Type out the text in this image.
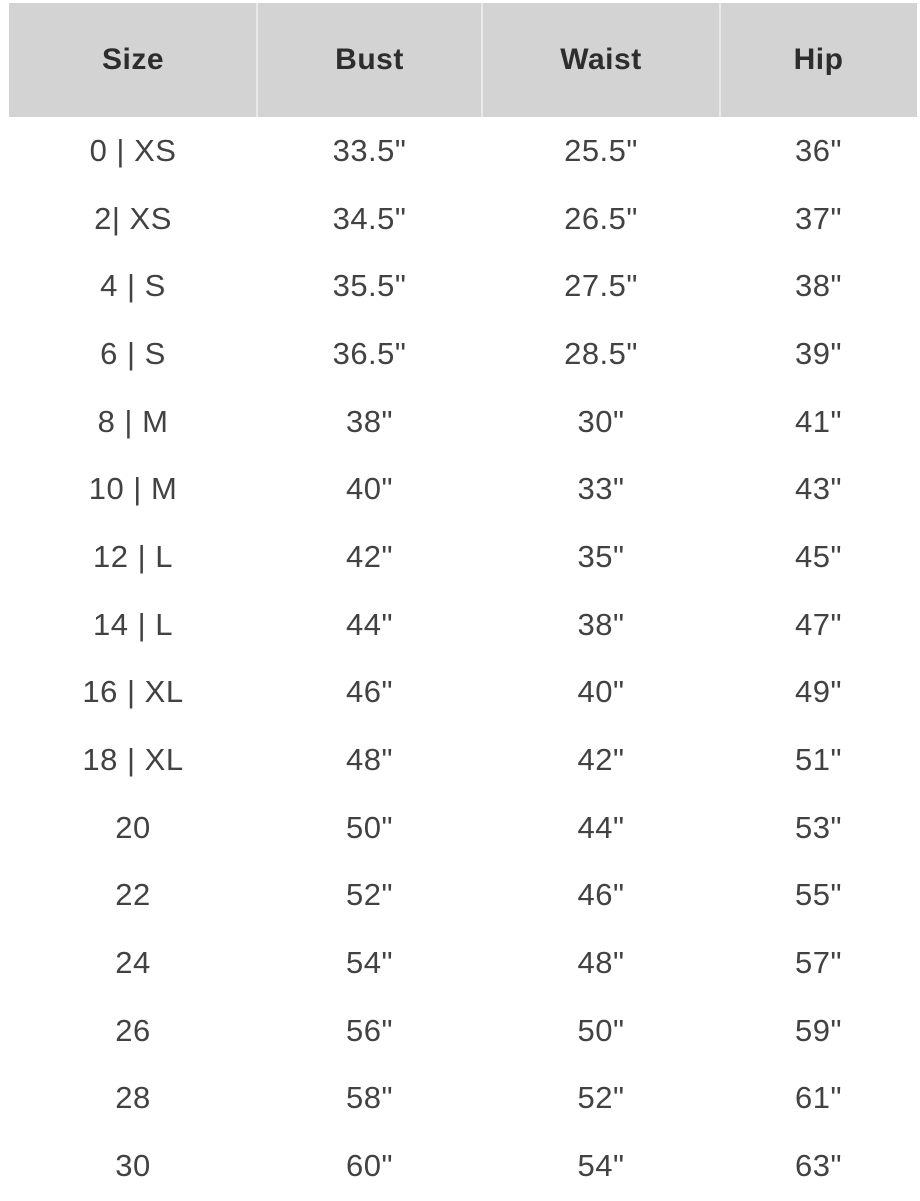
Size	Bust	Waist	Hip
0 | XS	33.5"	25.5"	36"
2| XS	34.5"	26.5"	37"
4 | S	35.5"	27.5"	38"
6 | S	36.5"	28.5"	39"
8 | M	38"	30"	41"
10 | M	40"	33"	43"
12 | L	42"	35"	45"
14 | L	44"	38"	47"
16 | XL	46"	40"	49"
18 | XL	48"	42"	51"
20	50"	44"	53"
22	52"	46"	55"
24	54"	48"	57"
26	56"	50"	59"
28	58"	52"	61"
30	60"	54"	63"
